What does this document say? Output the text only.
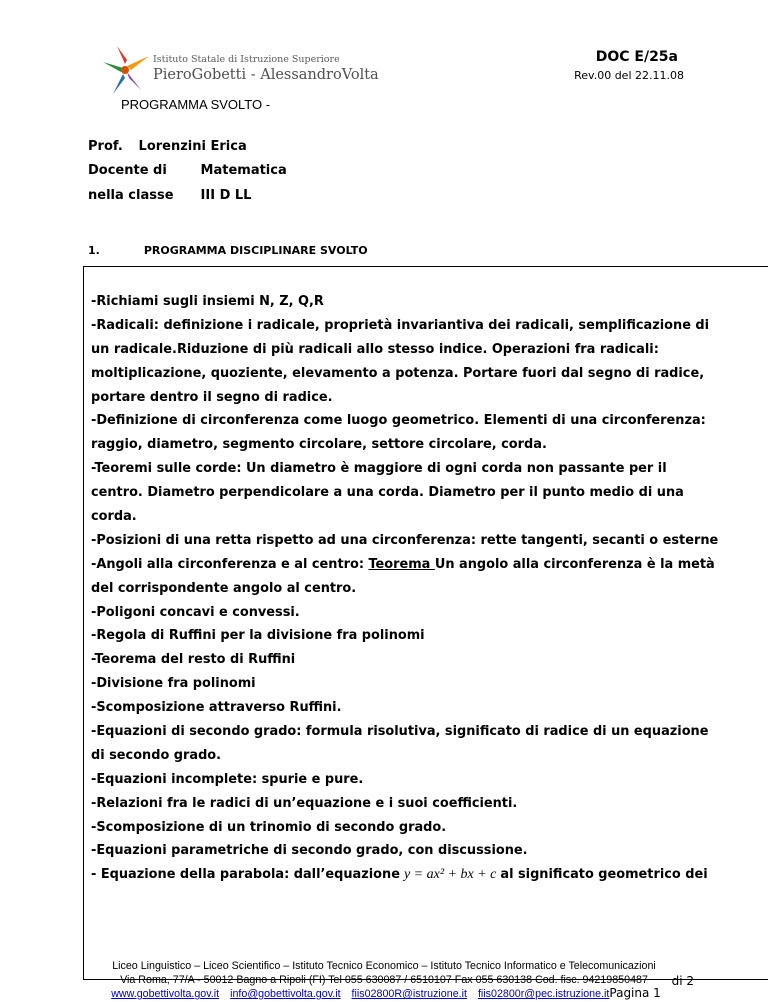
Istituto Statale di Istruzione Superiore
PieroGobetti - AlessandroVolta
DOC E/25a
Rev.00 del 22.11.08
PROGRAMMA SVOLTO -
Prof. Lorenzini Erica
Docente di	Matematica
nella classe III D LL
1.	PROGRAMMA DISCIPLINARE SVOLTO
-Richiami sugli insiemi N, Z, Q,R
-Radicali: definizione i radicale, proprietà invariantiva dei radicali, semplificazione di
un radicale.Riduzione di più radicali allo stesso indice. Operazioni fra radicali:
moltiplicazione, quoziente, elevamento a potenza. Portare fuori dal segno di radice,
portare dentro il segno di radice.
-Definizione di circonferenza come luogo geometrico. Elementi di una circonferenza:
raggio, diametro, segmento circolare, settore circolare, corda.
-Teoremi sulle corde: Un diametro è maggiore di ogni corda non passante per il
centro. Diametro perpendicolare a una corda. Diametro per il punto medio di una
corda.
-Posizioni di una retta rispetto ad una circonferenza: rette tangenti, secanti o esterne
-Angoli alla circonferenza e al centro: Teorema Un angolo alla circonferenza è la metà
del corrispondente angolo al centro.
-Poligoni concavi e convessi.
-Regola di Ruffini per la divisione fra polinomi
-Teorema del resto di Ruffini
-Divisione fra polinomi
-Scomposizione attraverso Ruffini.
-Equazioni di secondo grado: formula risolutiva, significato di radice di un equazione
di secondo grado.
-Equazioni incomplete: spurie e pure.
-Relazioni fra le radici di un’equazione e i suoi coefficienti.
-Scomposizione di un trinomio di secondo grado.
-Equazioni parametriche di secondo grado, con discussione.
- Equazione della parabola: dall’equazione y = ax² + bx + c al significato geometrico dei
Liceo Linguistico – Liceo Scientifico – Istituto Tecnico Economico – Istituto Tecnico Informatico e Telecomunicazioni
Via Roma, 77/A - 50012 Bagno a Ripoli (FI) Tel 055 630087 / 6510107 Fax 055 630138 Cod. fisc. 94219850487
www.gobettivolta.gov.it info@gobettivolta.gov.it fiis02800R@istruzione.it fiis02800r@pec.istruzione.itPagina 1
di 2
